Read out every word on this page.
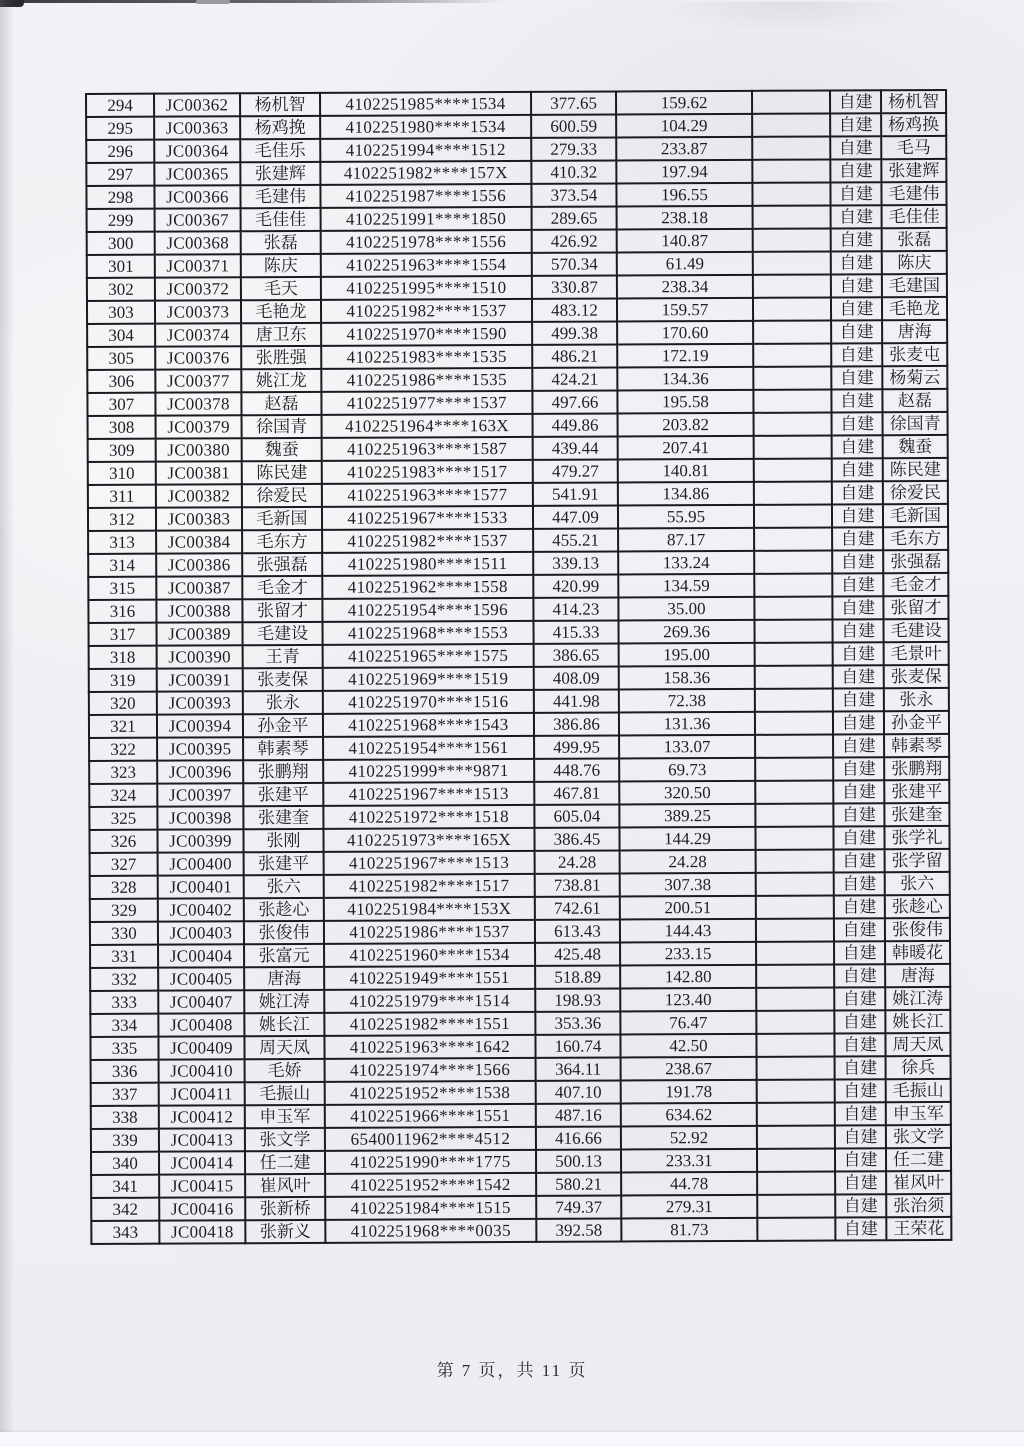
294	JC00362	杨机智	4102251985****1534	377.65	159.62		自建	杨机智
295	JC00363	杨鸡挽	4102251980****1534	600.59	104.29		自建	杨鸡换
296	JC00364	毛佳乐	4102251994****1512	279.33	233.87		自建	毛马
297	JC00365	张建辉	4102251982****157X	410.32	197.94		自建	张建辉
298	JC00366	毛建伟	4102251987****1556	373.54	196.55		自建	毛建伟
299	JC00367	毛佳佳	4102251991****1850	289.65	238.18		自建	毛佳佳
300	JC00368	张磊	4102251978****1556	426.92	140.87		自建	张磊
301	JC00371	陈庆	4102251963****1554	570.34	61.49		自建	陈庆
302	JC00372	毛天	4102251995****1510	330.87	238.34		自建	毛建国
303	JC00373	毛艳龙	4102251982****1537	483.12	159.57		自建	毛艳龙
304	JC00374	唐卫东	4102251970****1590	499.38	170.60		自建	唐海
305	JC00376	张胜强	4102251983****1535	486.21	172.19		自建	张麦屯
306	JC00377	姚江龙	4102251986****1535	424.21	134.36		自建	杨菊云
307	JC00378	赵磊	4102251977****1537	497.66	195.58		自建	赵磊
308	JC00379	徐国青	4102251964****163X	449.86	203.82		自建	徐国青
309	JC00380	魏蚕	4102251963****1587	439.44	207.41		自建	魏蚕
310	JC00381	陈民建	4102251983****1517	479.27	140.81		自建	陈民建
311	JC00382	徐爱民	4102251963****1577	541.91	134.86		自建	徐爱民
312	JC00383	毛新国	4102251967****1533	447.09	55.95		自建	毛新国
313	JC00384	毛东方	4102251982****1537	455.21	87.17		自建	毛东方
314	JC00386	张强磊	4102251980****1511	339.13	133.24		自建	张强磊
315	JC00387	毛金才	4102251962****1558	420.99	134.59		自建	毛金才
316	JC00388	张留才	4102251954****1596	414.23	35.00		自建	张留才
317	JC00389	毛建设	4102251968****1553	415.33	269.36		自建	毛建设
318	JC00390	王青	4102251965****1575	386.65	195.00		自建	毛景叶
319	JC00391	张麦保	4102251969****1519	408.09	158.36		自建	张麦保
320	JC00393	张永	4102251970****1516	441.98	72.38		自建	张永
321	JC00394	孙金平	4102251968****1543	386.86	131.36		自建	孙金平
322	JC00395	韩素琴	4102251954****1561	499.95	133.07		自建	韩素琴
323	JC00396	张鹏翔	4102251999****9871	448.76	69.73		自建	张鹏翔
324	JC00397	张建平	4102251967****1513	467.81	320.50		自建	张建平
325	JC00398	张建奎	4102251972****1518	605.04	389.25		自建	张建奎
326	JC00399	张刚	4102251973****165X	386.45	144.29		自建	张学礼
327	JC00400	张建平	4102251967****1513	24.28	24.28		自建	张学留
328	JC00401	张六	4102251982****1517	738.81	307.38		自建	张六
329	JC00402	张趁心	4102251984****153X	742.61	200.51		自建	张趁心
330	JC00403	张俊伟	4102251986****1537	613.43	144.43		自建	张俊伟
331	JC00404	张富元	4102251960****1534	425.48	233.15		自建	韩暖花
332	JC00405	唐海	4102251949****1551	518.89	142.80		自建	唐海
333	JC00407	姚江涛	4102251979****1514	198.93	123.40		自建	姚江涛
334	JC00408	姚长江	4102251982****1551	353.36	76.47		自建	姚长江
335	JC00409	周天凤	4102251963****1642	160.74	42.50		自建	周天凤
336	JC00410	毛娇	4102251974****1566	364.11	238.67		自建	徐兵
337	JC00411	毛振山	4102251952****1538	407.10	191.78		自建	毛振山
338	JC00412	申玉军	4102251966****1551	487.16	634.62		自建	申玉军
339	JC00413	张文学	6540011962****4512	416.66	52.92		自建	张文学
340	JC00414	任二建	4102251990****1775	500.13	233.31		自建	任二建
341	JC00415	崔风叶	4102251952****1542	580.21	44.78		自建	崔风叶
342	JC00416	张新桥	4102251984****1515	749.37	279.31		自建	张治须
343	JC00418	张新义	4102251968****0035	392.58	81.73		自建	王荣花
第 7 页，共 11 页
